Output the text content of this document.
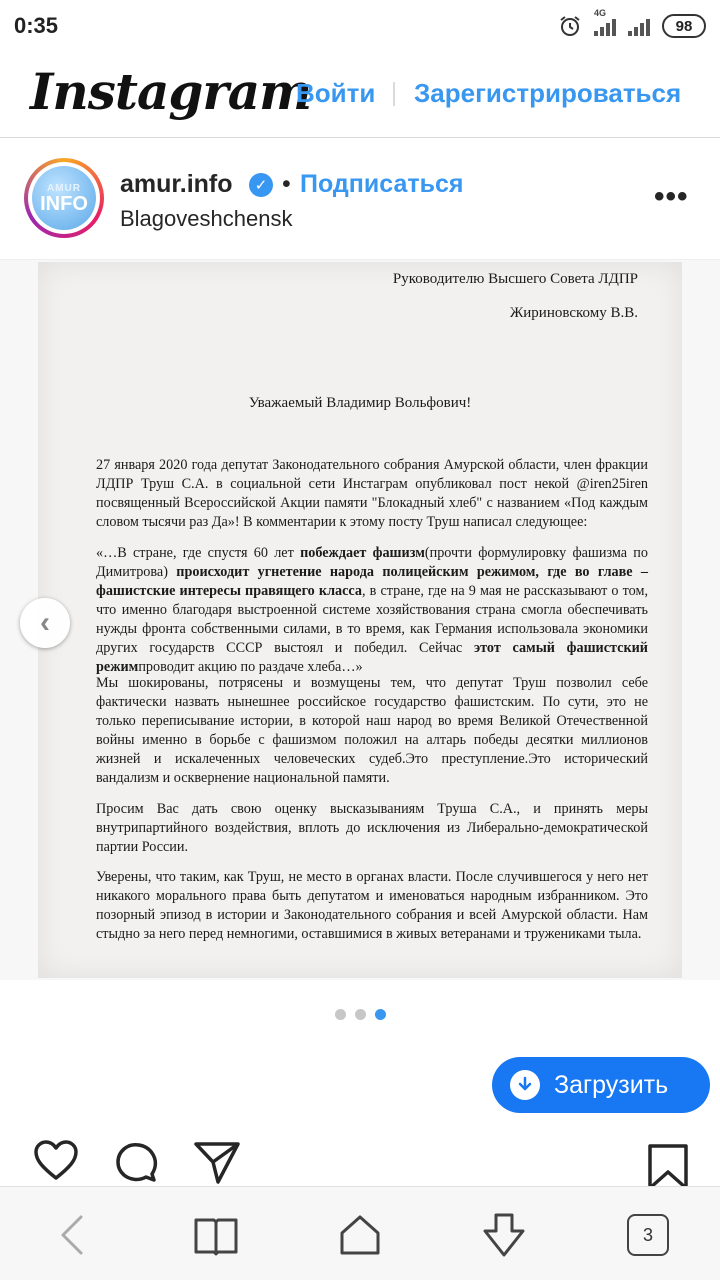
0:35	4G
98
Instagram
Войти Зарегистрироваться
AMUR
INFO
amur.info	✓ • Подписаться
Blagoveshchensk
•••
Руководителю Высшего Совета ЛДПР
Жириновскому В.В.
Уважаемый Владимир Вольфович!
27 января 2020 года депутат Законодательного собрания Амурской области, член фракции ЛДПР Труш С.А. в социальной сети Инстаграм опубликовал пост некой @iren25iren посвященный Всероссийской Акции памяти "Блокадный хлеб" с названием «Под каждым словом тысячи раз Да»! В комментарии к этому посту Труш написал следующее:
«…В стране, где спустя 60 лет побеждает фашизм(прочти формулировку фашизма по Димитрова) происходит угнетение народа полицейским режимом, где во главе – фашистские интересы правящего класса, в стране, где на 9 мая не рассказывают о том, что именно благодаря выстроенной системе хозяйствования страна смогла обеспечивать нужды фронта собственными силами, в то время, как Германия использовала экономики других государств СССР выстоял и победил. Сейчас этот самый фашистский режимпроводит акцию по раздаче хлеба…»
Мы шокированы, потрясены и возмущены тем, что депутат Труш позволил себе фактически назвать нынешнее российское государство фашистским. По сути, это не только переписывание истории, в которой наш народ во время Великой Отечественной войны именно в борьбе с фашизмом положил на алтарь победы десятки миллионов жизней и искалеченных человеческих судеб.Это преступление.Это исторический вандализм и осквернение национальной памяти.
Просим Вас дать свою оценку высказываниям Труша С.А., и принять меры внутрипартийного воздействия, вплоть до исключения из Либерально-демократической партии России.
Уверены, что таким, как Труш, не место в органах власти. После случившегося у него нет никакого морального права быть депутатом и именоваться народным избранником. Это позорный эпизод в истории и Законодательного собрания и всей Амурской области. Нам стыдно за него перед немногими, оставшимися в живых ветеранами и тружениками тыла.
‹
Загрузить
3
